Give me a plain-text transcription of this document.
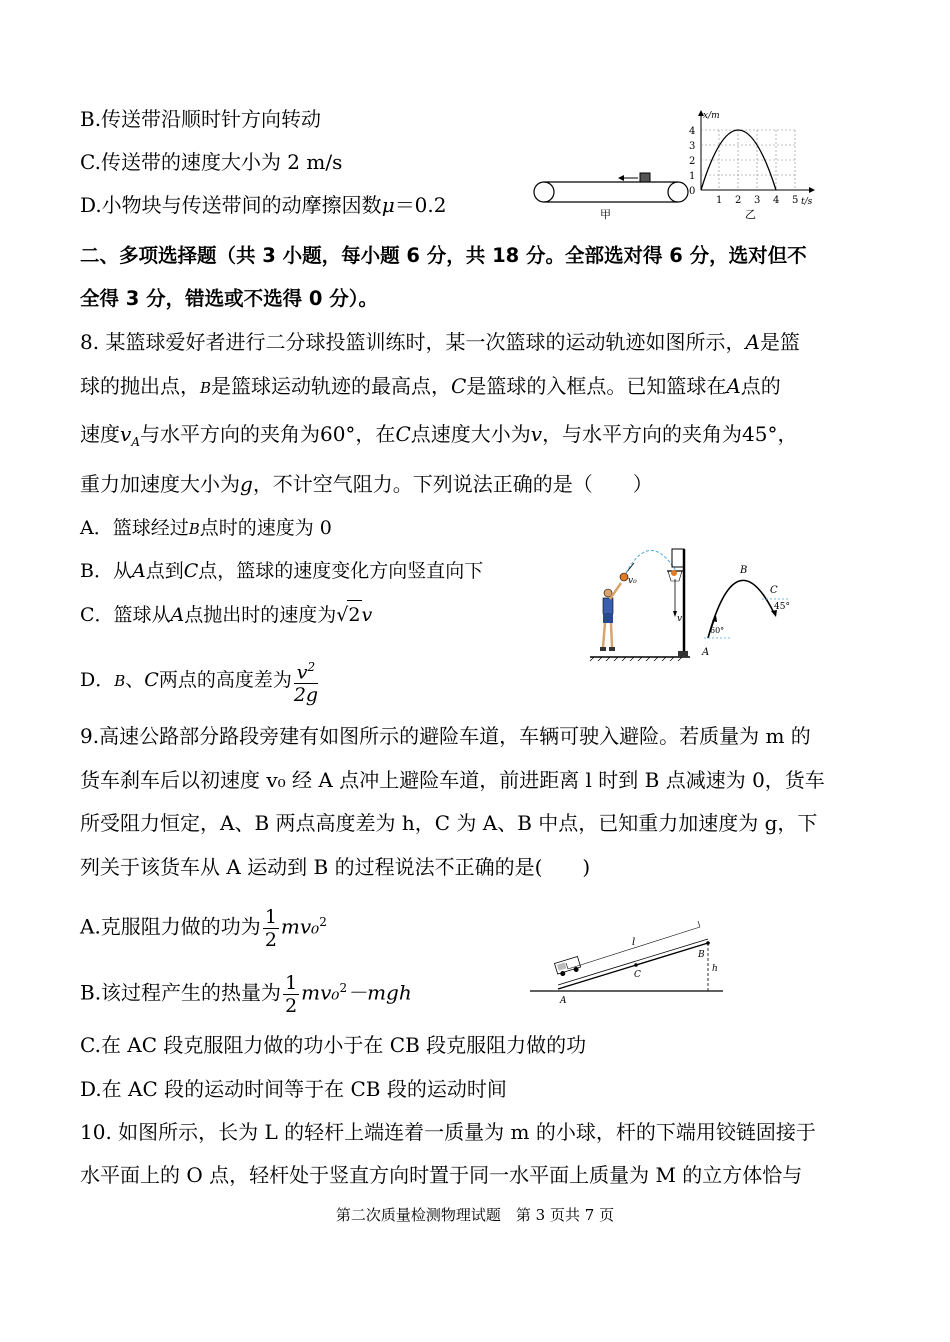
B.传送带沿顺时针方向转动
C.传送带的速度大小为 2 m/s
D.小物块与传送带间的动摩擦因数μ＝0.2	甲
x/m
t/s
0
1
2
3
4
1 2 3 4 5
乙
二、多项选择题（共 3 小题，每小题 6 分，共 18 分。全部选对得 6 分，选对但不
全得 3 分，错选或不选得 0 分）。
8. 某篮球爱好者进行二分球投篮训练时，某一次篮球的运动轨迹如图所示，A是篮
球的抛出点，B是篮球运动轨迹的最高点，C是篮球的入框点。已知篮球在A点的
速度$v_A$与水平方向的夹角为60°，在C点速度大小为v，与水平方向的夹角为45°，
重力加速度大小为g，不计空气阻力。下列说法正确的是（　　）
A．篮球经过B点时的速度为 0
B．从A点到C点，篮球的速度变化方向竖直向下
C．篮球从A点抛出时的速度为√2v
D．B、C两点的高度差为 $\frac{v^2}{2g}$
v₀
v
B
C
A
60°
45°
9.高速公路部分路段旁建有如图所示的避险车道，车辆可驶入避险。若质量为 m 的
货车刹车后以初速度 v₀ 经 A 点冲上避险车道，前进距离 l 时到 B 点减速为 0，货车
所受阻力恒定，A、B 两点高度差为 h，C 为 A、B 中点，已知重力加速度为 g，下
列关于该货车从 A 运动到 B 的过程说法不正确的是(　　)
A.克服阻力做的功为 $\frac{1}{2} mv_0^2$
B.该过程产生的热量为 $\frac{1}{2} mv_0^2-mgh$
C.在 AC 段克服阻力做的功小于在 CB 段克服阻力做的功
D.在 AC 段的运动时间等于在 CB 段的运动时间
l
B
C
A
h
10. 如图所示，长为 L 的轻杆上端连着一质量为 m 的小球，杆的下端用铰链固接于
水平面上的 O 点，轻杆处于竖直方向时置于同一水平面上质量为 M 的立方体恰与
第二次质量检测物理试题　第 3 页共 7 页
